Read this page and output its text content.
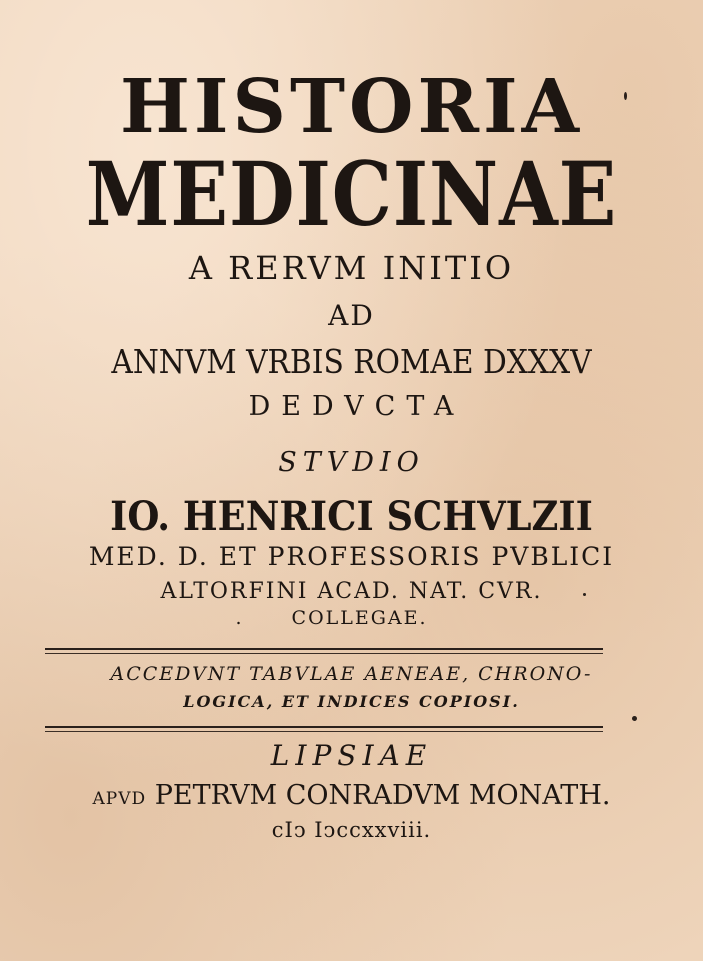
HISTORIA
MEDICINAE
A RERVM INITIO
AD
ANNVM VRBIS ROMAE DXXXV
DEDVCTA
STVDIO
IO. HENRICI SCHVLZII
MED. D. ET PROFESSORIS PVBLICI
ALTORFINI ACAD. NAT. CVR.
.	COLLEGAE.
ACCEDVNT TABVLAE AENEAE, CHRONO-
LOGICA, ET INDICES COPIOSI.
LIPSIAE
APVD PETRVM CONRADVM MONATH.
cIↄ Iↄccxxviii.
